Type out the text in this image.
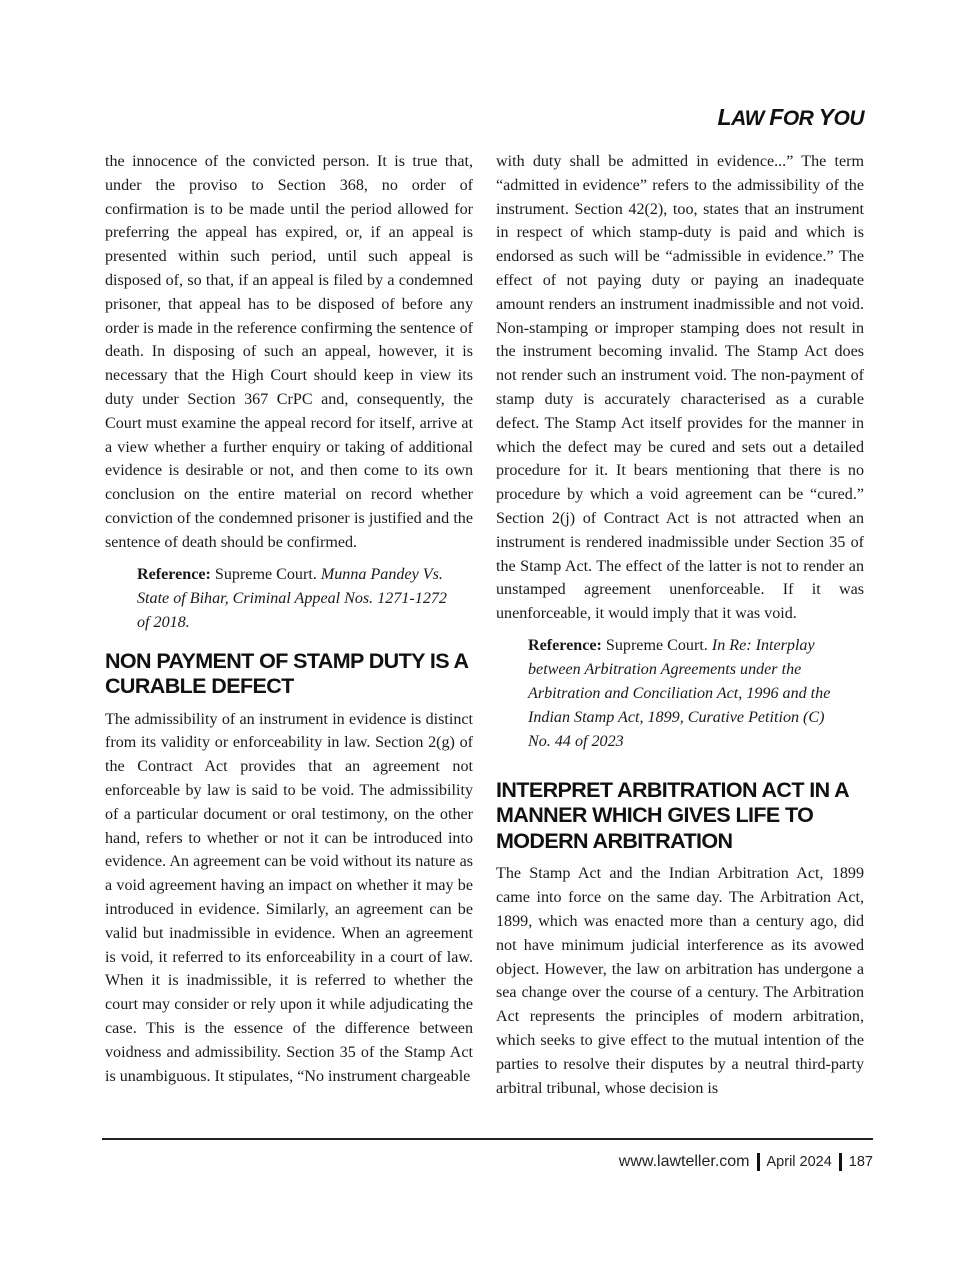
LAW FOR YOU

the innocence of the convicted person. It is true that, under the proviso to Section 368, no order of confirmation is to be made until the period allowed for preferring the appeal has expired, or, if an appeal is presented within such period, until such appeal is disposed of, so that, if an appeal is filed by a condemned prisoner, that appeal has to be disposed of before any order is made in the reference confirming the sentence of death. In disposing of such an appeal, however, it is necessary that the High Court should keep in view its duty under Section 367 CrPC and, consequently, the Court must examine the appeal record for itself, arrive at a view whether a further enquiry or taking of additional evidence is desirable or not, and then come to its own conclusion on the entire material on record whether conviction of the condemned prisoner is justified and the sentence of death should be confirmed.

Reference: Supreme Court. Munna Pandey Vs. State of Bihar, Criminal Appeal Nos. 1271-1272 of 2018.
NON PAYMENT OF STAMP DUTY IS A CURABLE DEFECT

The admissibility of an instrument in evidence is distinct from its validity or enforceability in law. Section 2(g) of the Contract Act provides that an agreement not enforceable by law is said to be void. The admissibility of a particular document or oral testimony, on the other hand, refers to whether or not it can be introduced into evidence. An agreement can be void without its nature as a void agreement having an impact on whether it may be introduced in evidence. Similarly, an agreement can be valid but inadmissible in evidence. When an agreement is void, it referred to its enforceability in a court of law. When it is inadmissible, it is referred to whether the court may consider or rely upon it while adjudicating the case. This is the essence of the difference between voidness and admissibility. Section 35 of the Stamp Act is unambiguous. It stipulates, “No instrument chargeable

with duty shall be admitted in evidence...” The term “admitted in evidence” refers to the admissibility of the instrument. Section 42(2), too, states that an instrument in respect of which stamp-duty is paid and which is endorsed as such will be “admissible in evidence.” The effect of not paying duty or paying an inadequate amount renders an instrument inadmissible and not void. Non-stamping or improper stamping does not result in the instrument becoming invalid. The Stamp Act does not render such an instrument void. The non-payment of stamp duty is accurately characterised as a curable defect. The Stamp Act itself provides for the manner in which the defect may be cured and sets out a detailed procedure for it. It bears mentioning that there is no procedure by which a void agreement can be “cured.” Section 2(j) of Contract Act is not attracted when an instrument is rendered inadmissible under Section 35 of the Stamp Act. The effect of the latter is not to render an unstamped agreement unenforceable. If it was unenforceable, it would imply that it was void.

Reference: Supreme Court. In Re: Interplay between Arbitration Agreements under the Arbitration and Conciliation Act, 1996 and the Indian Stamp Act, 1899, Curative Petition (C) No. 44 of 2023
INTERPRET ARBITRATION ACT IN A MANNER WHICH GIVES LIFE TO MODERN ARBITRATION

The Stamp Act and the Indian Arbitration Act, 1899 came into force on the same day. The Arbitration Act, 1899, which was enacted more than a century ago, did not have minimum judicial interference as its avowed object. However, the law on arbitration has undergone a sea change over the course of a century. The Arbitration Act represents the principles of modern arbitration, which seeks to give effect to the mutual intention of the parties to resolve their disputes by a neutral third-party arbitral tribunal, whose decision is

www.lawteller.com April 2024 187
